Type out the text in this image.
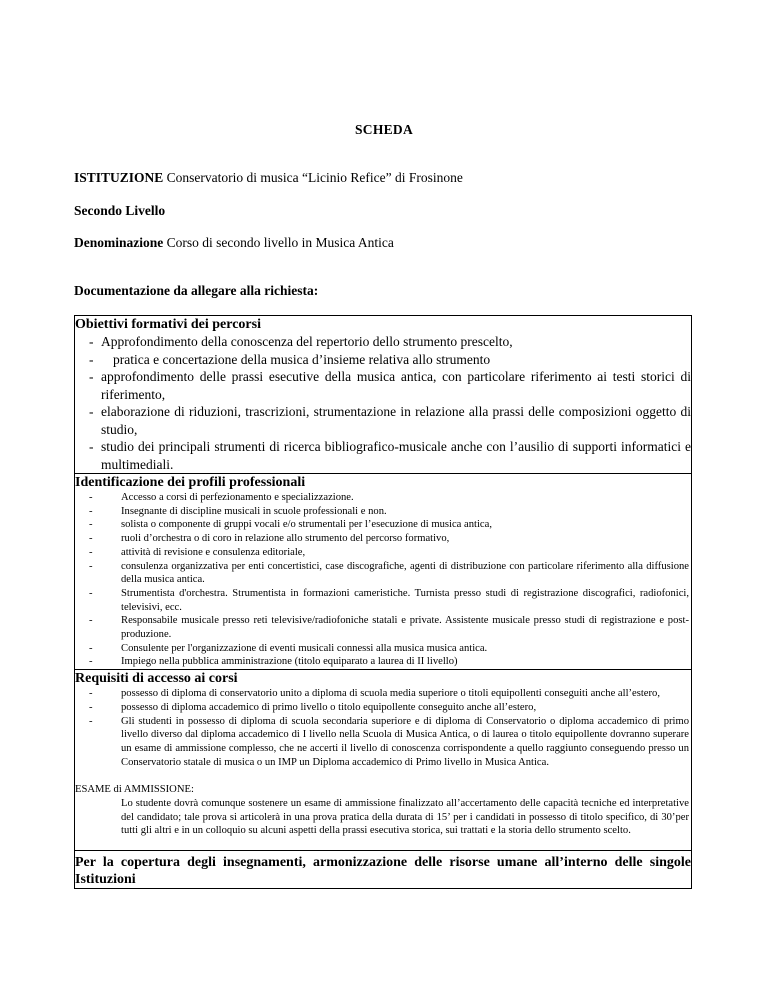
SCHEDA
ISTITUZIONE Conservatorio di musica “Licinio Refice” di Frosinone
Secondo Livello
Denominazione Corso di secondo livello in Musica Antica
Documentazione da allegare alla richiesta:
Obiettivi formativi dei percorsi
- Approfondimento della conoscenza del repertorio dello strumento prescelto,
- pratica e concertazione della musica d’insieme relativa allo strumento
- approfondimento delle prassi esecutive della musica antica, con particolare riferimento ai testi storici di riferimento,
- elaborazione di riduzioni, trascrizioni, strumentazione in relazione alla prassi delle composizioni oggetto di studio,
- studio dei principali strumenti di ricerca bibliografico-musicale anche con l’ausilio di supporti informatici e multimediali.
Identificazione dei profili professionali
-	Accesso a corsi di perfezionamento e specializzazione.
-	Insegnante di discipline musicali in scuole professionali e non.
-	solista o componente di gruppi vocali e/o strumentali per l’esecuzione di musica antica,
-	ruoli d’orchestra o di coro in relazione allo strumento del percorso formativo,
-	attività di revisione e consulenza editoriale,
-	consulenza organizzativa per enti concertistici, case discografiche, agenti di distribuzione con particolare riferimento alla diffusione della musica antica.
-	Strumentista d'orchestra. Strumentista in formazioni cameristiche. Turnista presso studi di registrazione discografici, radiofonici, televisivi, ecc.
-	Responsabile musicale presso reti televisive/radiofoniche statali e private. Assistente musicale presso studi di registrazione e post-produzione.
-	Consulente per l'organizzazione di eventi musicali connessi alla musica musica antica.
-	Impiego nella pubblica amministrazione (titolo equiparato a laurea di II livello)
Requisiti di accesso ai corsi
-	possesso di diploma di conservatorio unito a diploma di scuola media superiore o titoli equipollenti conseguiti anche all’estero,
-	possesso di diploma accademico di primo livello o titolo equipollente conseguito anche all’estero,
-	Gli studenti in possesso di diploma di scuola secondaria superiore e di diploma di Conservatorio o diploma accademico di primo livello diverso dal diploma accademico di I livello nella Scuola di Musica Antica, o di laurea o titolo equipollente dovranno superare un esame di ammissione complesso, che ne accerti il livello di conoscenza corrispondente a quello raggiunto conseguendo presso un Conservatorio statale di musica o un IMP un Diploma accademico di Primo livello in Musica Antica.
ESAME di AMMISSIONE:
Lo studente dovrà comunque sostenere un esame di ammissione finalizzato all’accertamento delle capacità tecniche ed interpretative del candidato; tale prova si articolerà in una prova pratica della durata di 15’ per i candidati in possesso di titolo specifico, di 30’per tutti gli altri e in un colloquio su alcuni aspetti della prassi esecutiva storica, sui trattati e la storia dello strumento scelto.
Per la copertura degli insegnamenti, armonizzazione delle risorse umane all’interno delle singole Istituzioni
